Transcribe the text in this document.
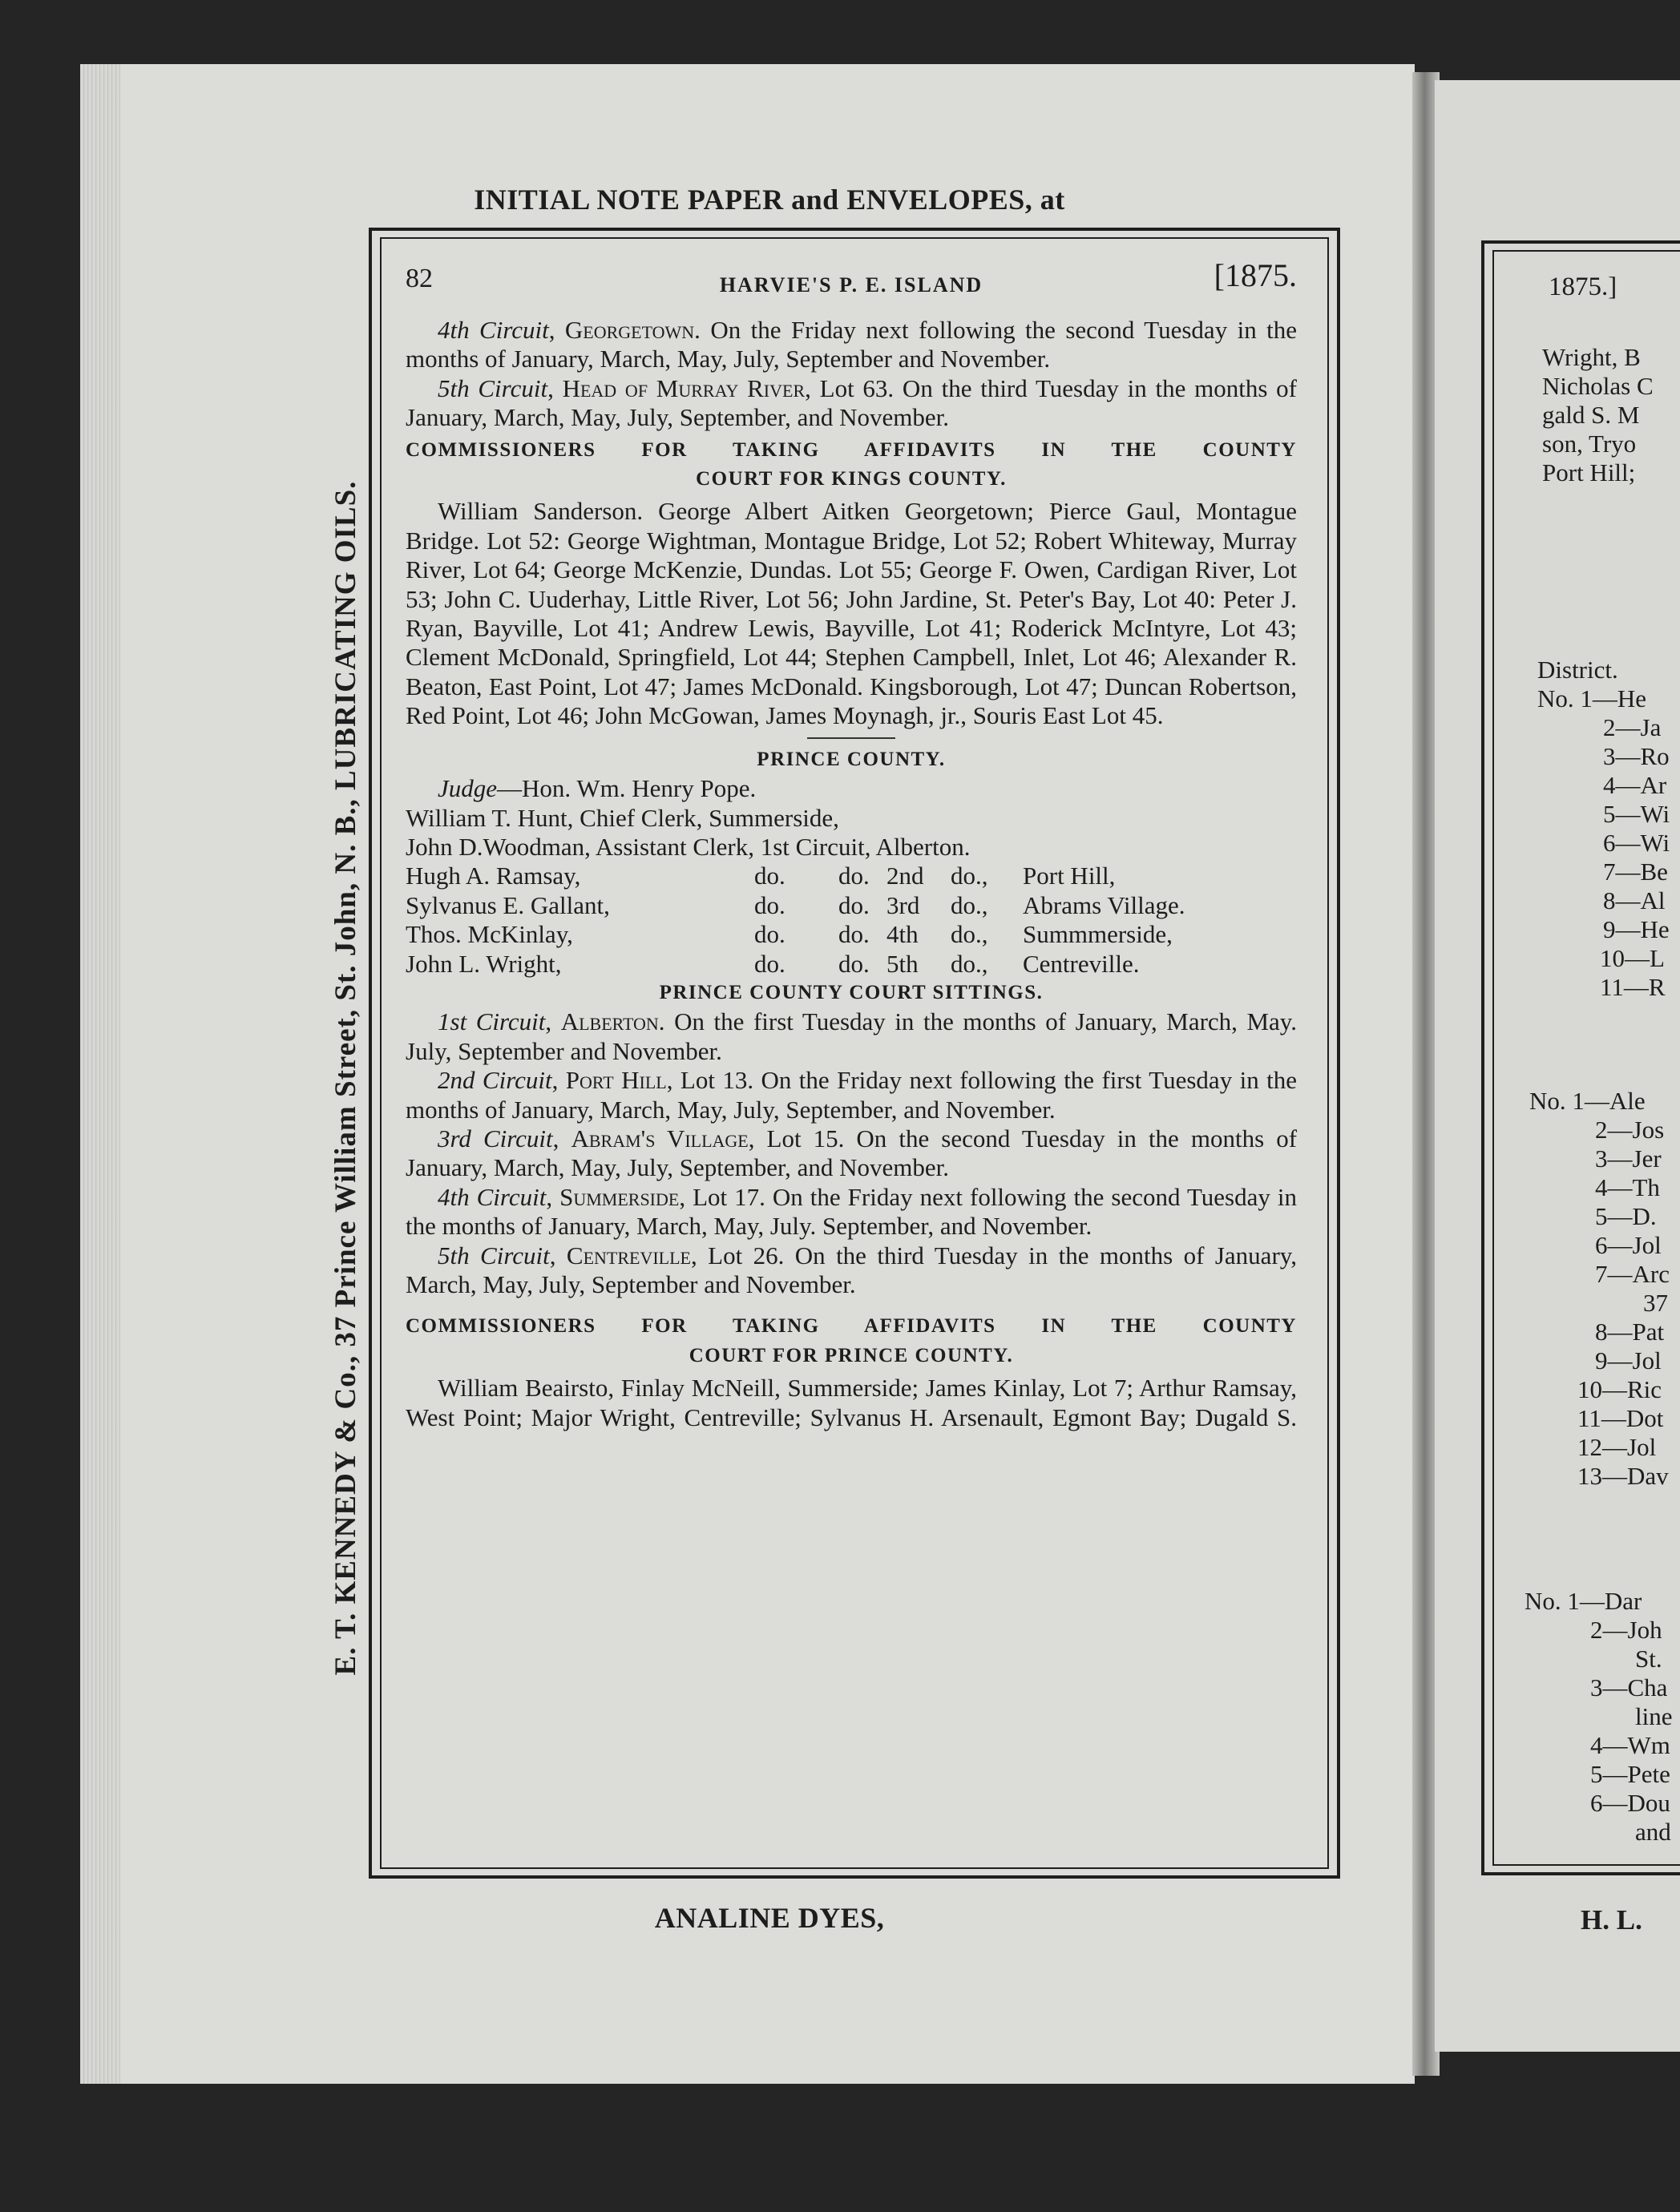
INITIAL NOTE PAPER and ENVELOPES, at
E. T. KENNEDY & Co., 37 Prince William Street, St. John, N. B., LUBRICATING OILS.
ANALINE DYES,
82	HARVIE'S P. E. ISLAND	[1875.

4th Circuit, Georgetown. On the Friday next following the second Tuesday in the months of January, March, May, July, September and November.

5th Circuit, Head of Murray River, Lot 63. On the third Tuesday in the months of January, March, May, July, September, and November.

COMMISSIONERS FOR TAKING AFFIDAVITS IN THE COUNTY
COURT FOR KINGS COUNTY.

William Sanderson. George Albert Aitken Georgetown; Pierce Gaul, Montague Bridge. Lot 52: George Wightman, Montague Bridge, Lot 52; Robert Whiteway, Murray River, Lot 64; George McKenzie, Dundas. Lot 55; George F. Owen, Cardigan River, Lot 53; John C. Uuderhay, Little River, Lot 56; John Jardine, St. Peter's Bay, Lot 40: Peter J. Ryan, Bayville, Lot 41; Andrew Lewis, Bayville, Lot 41; Roderick McIntyre, Lot 43; Clement McDonald, Springfield, Lot 44; Stephen Campbell, Inlet, Lot 46; Alexander R. Beaton, East Point, Lot 47; James McDonald. Kingsborough, Lot 47; Duncan Robertson, Red Point, Lot 46; John McGowan, James Moynagh, jr., Souris East Lot 45.

PRINCE COUNTY.

Judge—Hon. Wm. Henry Pope.

William T. Hunt, Chief Clerk, Summerside,

John D.Woodman, Assistant Clerk, 1st Circuit, Alberton.

Hugh A. Ramsay,	do.	do. 2nd	do.,	Port Hill,
Sylvanus E. Gallant,	do.	do. 3rd	do.,	Abrams Village.
Thos. McKinlay,	do.	do. 4th	do.,	Summmerside,
John L. Wright,	do.	do. 5th	do.,	Centreville.
PRINCE COUNTY COURT SITTINGS.

1st Circuit, Alberton. On the first Tuesday in the months of January, March, May. July, September and November.

2nd Circuit, Port Hill, Lot 13. On the Friday next following the first Tuesday in the months of January, March, May, July, September, and November.

3rd Circuit, Abram's Village, Lot 15. On the second Tuesday in the months of January, March, May, July, September, and November.

4th Circuit, Summerside, Lot 17. On the Friday next following the second Tuesday in the months of January, March, May, July. September, and November.

5th Circuit, Centreville, Lot 26. On the third Tuesday in the months of January, March, May, July, September and November.

COMMISSIONERS FOR TAKING AFFIDAVITS IN THE COUNTY
COURT FOR PRINCE COUNTY.

William Beairsto, Finlay McNeill, Summerside; James Kinlay, Lot 7; Arthur Ramsay, West Point; Major Wright, Centreville; Sylvanus H. Arsenault, Egmont Bay; Dugald S.

1875.]
Wright, B
Nicholas C
gald S. M
son, Tryo
Port Hill;
District.
No. 1—He
2—Ja
3—Ro
4—Ar
5—Wi
6—Wi
7—Be
8—Al
9—He
10—L
11—R
No. 1—Ale
2—Jos
3—Jer
4—Th
5—D.
6—Jol
7—Arc
37
8—Pat
9—Jol
10—Ric
11—Dot
12—Jol
13—Dav
No. 1—Dar
2—Joh
St.
3—Cha
line
4—Wm
5—Pete
6—Dou
and
H. L.
